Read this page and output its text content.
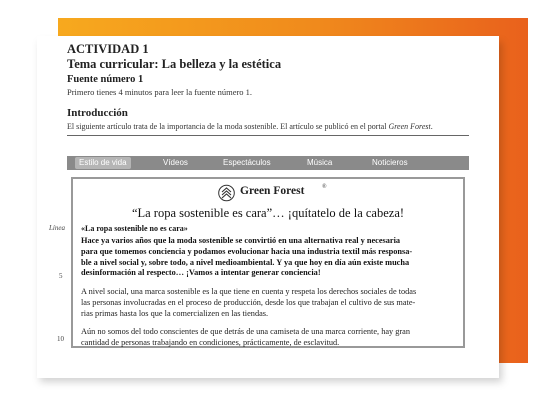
ACTIVIDAD 1
Tema curricular: La belleza y la estética
Fuente número 1
Primero tienes 4 minutos para leer la fuente número 1.
Introducción
El siguiente artículo trata de la importancia de la moda sostenible. El artículo se publicó en el portal Green Forest.
Línea
5
10
Estilo de vida	Vídeos	Espectáculos	Música	Noticieros
Green Forest	®
“La ropa sostenible es cara”… ¡quítatelo de la cabeza!
«La ropa sostenible no es cara»
Hace ya varios años que la moda sostenible se convirtió en una alternativa real y necesaria
para que tomemos conciencia y podamos evolucionar hacia una industria textil más responsa-
ble a nivel social y, sobre todo, a nivel medioambiental. Y ya que hoy en día aún existe mucha
desinformación al respecto… ¡Vamos a intentar generar conciencia!
A nivel social, una marca sostenible es la que tiene en cuenta y respeta los derechos sociales de todas
las personas involucradas en el proceso de producción, desde los que trabajan el cultivo de sus mate-
rias primas hasta los que la comercializen en las tiendas.
Aún no somos del todo conscientes de que detrás de una camiseta de una marca corriente, hay gran
cantidad de personas trabajando en condiciones, prácticamente, de esclavitud.
